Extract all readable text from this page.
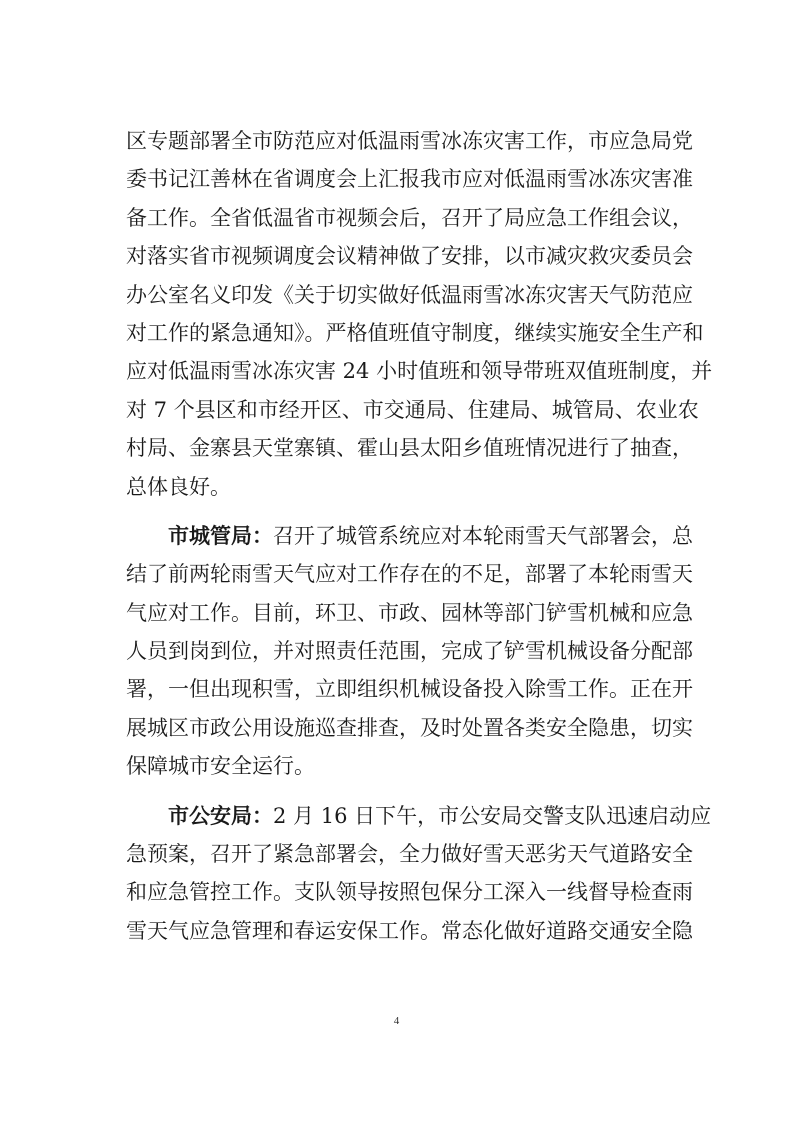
区专题部署全市防范应对低温雨雪冰冻灾害工作，市应急局党
委书记江善林在省调度会上汇报我市应对低温雨雪冰冻灾害准
备工作。全省低温省市视频会后，召开了局应急工作组会议，
对落实省市视频调度会议精神做了安排，以市减灾救灾委员会
办公室名义印发《关于切实做好低温雨雪冰冻灾害天气防范应
对工作的紧急通知》。严格值班值守制度，继续实施安全生产和
应对低温雨雪冰冻灾害 24 小时值班和领导带班双值班制度，并
对 7 个县区和市经开区、市交通局、住建局、城管局、农业农
村局、金寨县天堂寨镇、霍山县太阳乡值班情况进行了抽查，
总体良好。
市城管局：召开了城管系统应对本轮雨雪天气部署会，总
结了前两轮雨雪天气应对工作存在的不足，部署了本轮雨雪天
气应对工作。目前，环卫、市政、园林等部门铲雪机械和应急
人员到岗到位，并对照责任范围，完成了铲雪机械设备分配部
署，一但出现积雪，立即组织机械设备投入除雪工作。正在开
展城区市政公用设施巡查排查，及时处置各类安全隐患，切实
保障城市安全运行。
市公安局：2 月 16 日下午，市公安局交警支队迅速启动应
急预案，召开了紧急部署会，全力做好雪天恶劣天气道路安全
和应急管控工作。支队领导按照包保分工深入一线督导检查雨
雪天气应急管理和春运安保工作。常态化做好道路交通安全隐
4
